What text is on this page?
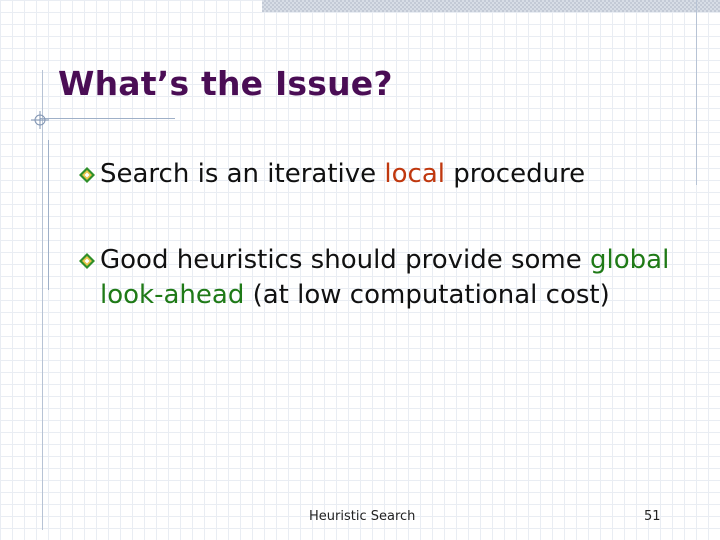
What’s the Issue?
Search is an iterative local procedure
Good heuristics should provide some global look-ahead (at low computational cost)
Heuristic Search	51
